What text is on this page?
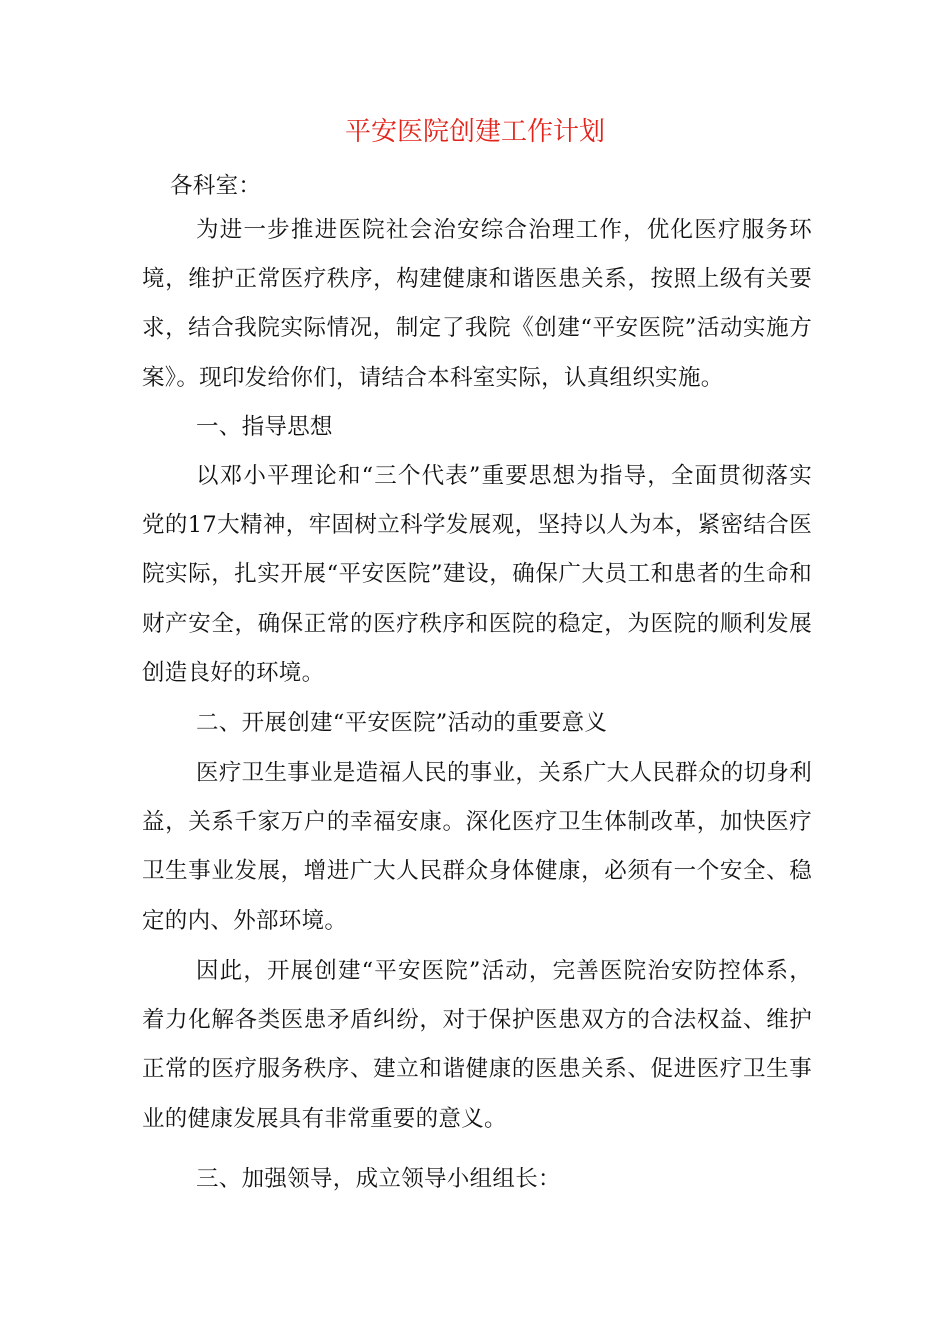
平安医院创建工作计划

各科室：

为进一步推进医院社会治安综合治理工作，优化医疗服务环境，维护正常医疗秩序，构建健康和谐医患关系，按照上级有关要求，结合我院实际情况，制定了我院《创建“平安医院”活动实施方案》。现印发给你们，请结合本科室实际，认真组织实施。

一、指导思想

以邓小平理论和“三个代表”重要思想为指导，全面贯彻落实党的17大精神，牢固树立科学发展观，坚持以人为本，紧密结合医院实际，扎实开展“平安医院”建设，确保广大员工和患者的生命和财产安全，确保正常的医疗秩序和医院的稳定，为医院的顺利发展创造良好的环境。

二、开展创建“平安医院”活动的重要意义

医疗卫生事业是造福人民的事业，关系广大人民群众的切身利益，关系千家万户的幸福安康。深化医疗卫生体制改革，加快医疗卫生事业发展，增进广大人民群众身体健康，必须有一个安全、稳定的内、外部环境。

因此，开展创建“平安医院”活动，完善医院治安防控体系，着力化解各类医患矛盾纠纷，对于保护医患双方的合法权益、维护正常的医疗服务秩序、建立和谐健康的医患关系、促进医疗卫生事业的健康发展具有非常重要的意义。

三、加强领导，成立领导小组组长：
